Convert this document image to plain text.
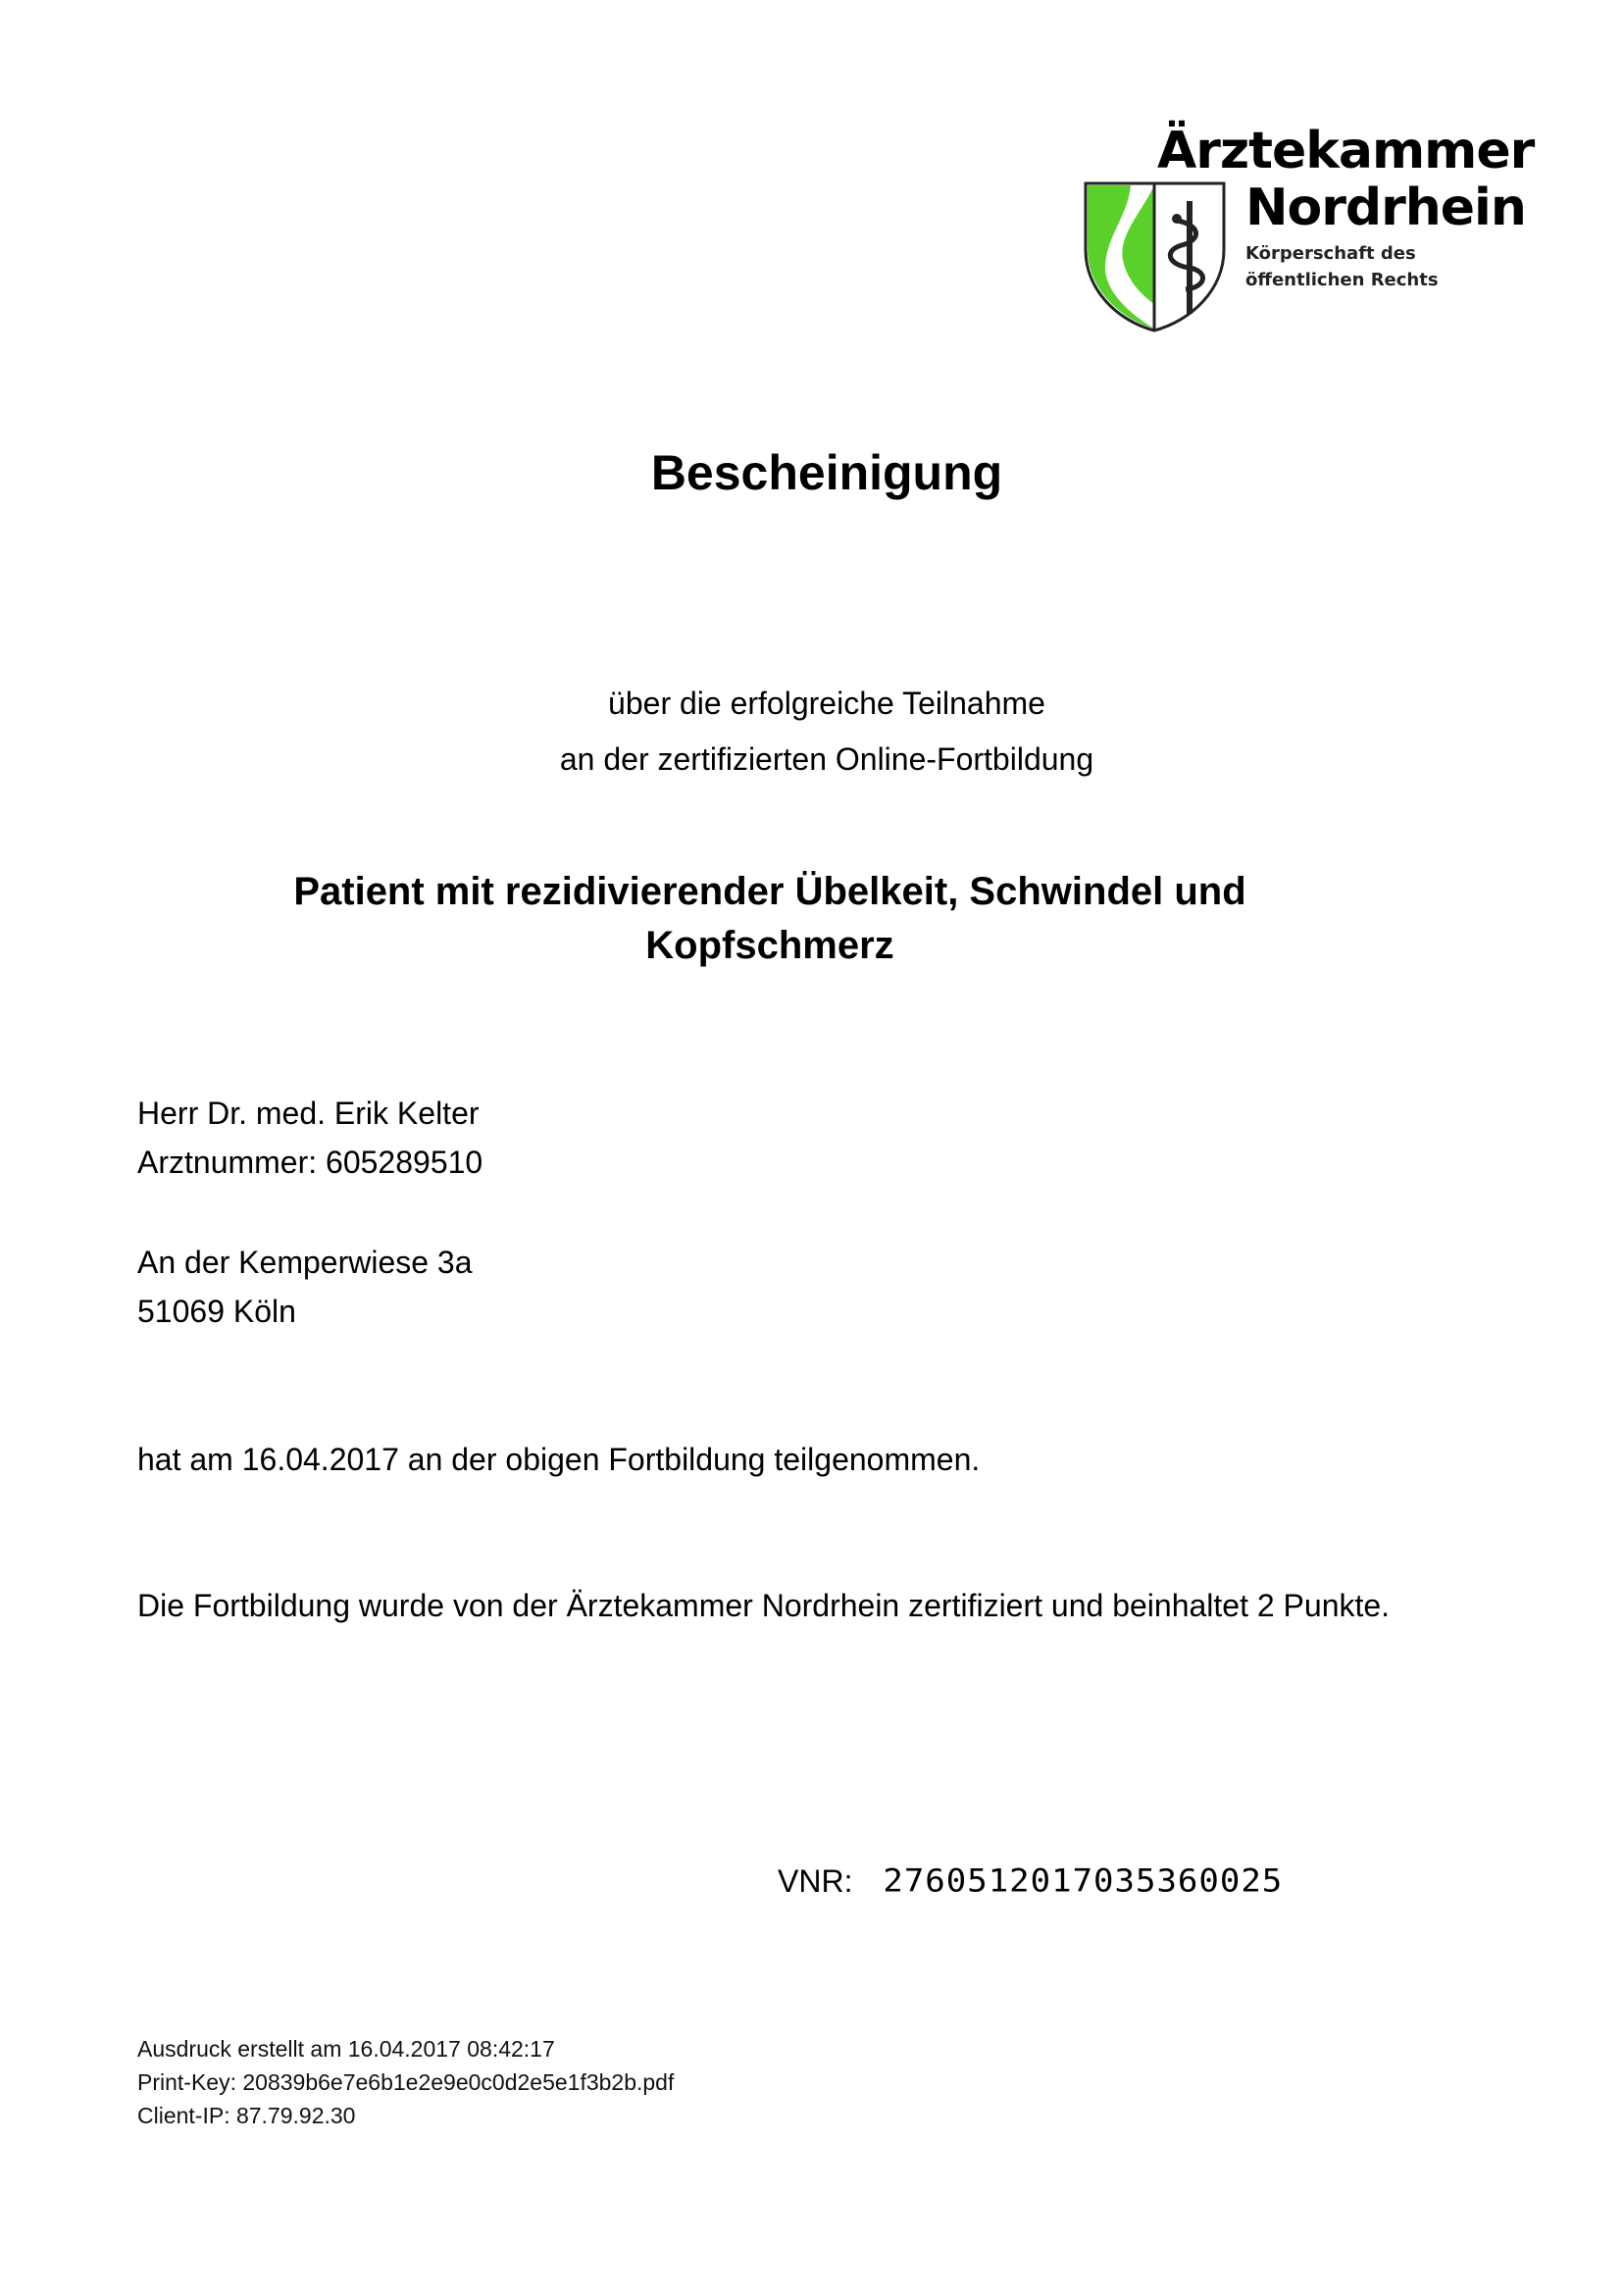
Ärztekammer
Nordrhein
Körperschaft des
öffentlichen Rechts
Bescheinigung
über die erfolgreiche Teilnahme
an der zertifizierten Online-Fortbildung
Patient mit rezidivierender Übelkeit, Schwindel und
Kopfschmerz
Herr Dr. med. Erik Kelter
Arztnummer: 605289510
An der Kemperwiese 3a
51069 Köln
hat am 16.04.2017 an der obigen Fortbildung teilgenommen.
Die Fortbildung wurde von der Ärztekammer Nordrhein zertifiziert und beinhaltet 2 Punkte.
VNR: 2760512017035360025
Ausdruck erstellt am 16.04.2017 08:42:17
Print-Key: 20839b6e7e6b1e2e9e0c0d2e5e1f3b2b.pdf
Client-IP: 87.79.92.30
